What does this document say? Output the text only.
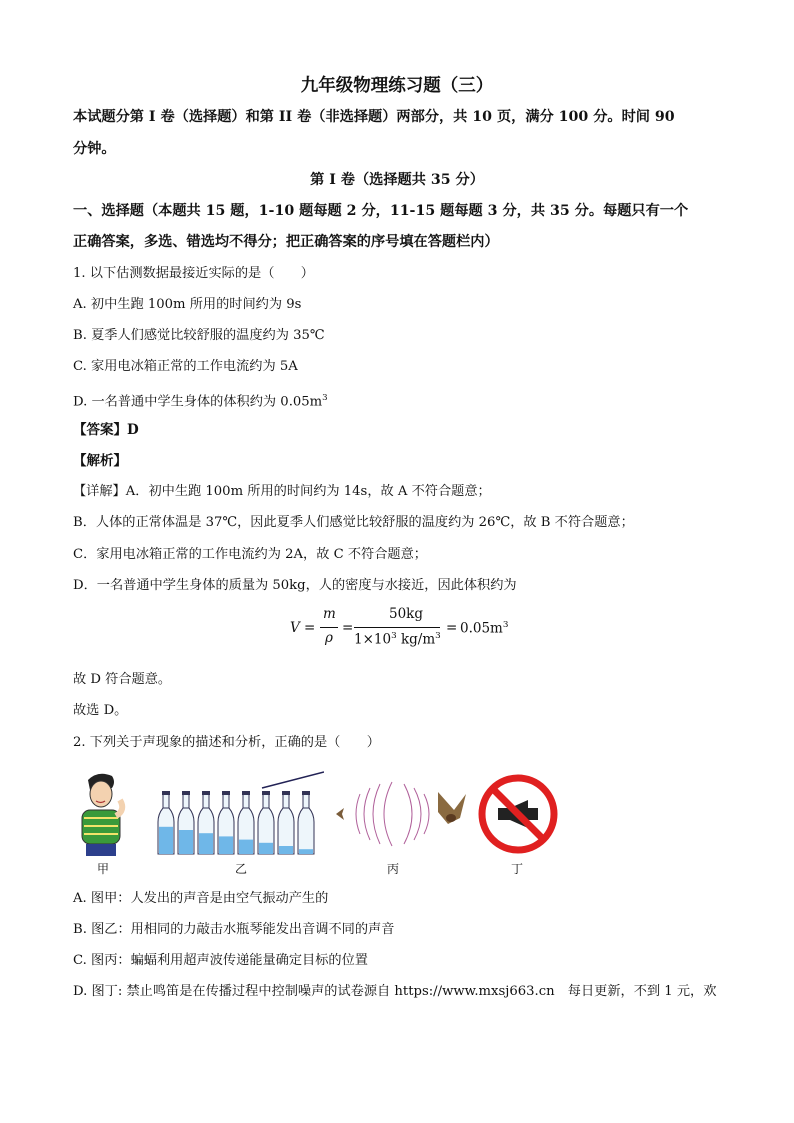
九年级物理练习题（三）
本试题分第 I 卷（选择题）和第 II 卷（非选择题）两部分，共 10 页，满分 100 分。时间 90
分钟。
第 I 卷（选择题共 35 分）
一、选择题（本题共 15 题，1-10 题每题 2 分，11-15 题每题 3 分，共 35 分。每题只有一个
正确答案，多选、错选均不得分；把正确答案的序号填在答题栏内）
1. 以下估测数据最接近实际的是（　　）
A. 初中生跑 100m 所用的时间约为 9s
B. 夏季人们感觉比较舒服的温度约为 35℃
C. 家用电冰箱正常的工作电流约为 5A
D. 一名普通中学生身体的体积约为 $0.05m^3$
【答案】D
【解析】
【详解】A．初中生跑 100m 所用的时间约为 14s，故 A 不符合题意；
B．人体的正常体温是 37℃，因此夏季人们感觉比较舒服的温度约为 26℃，故 B 不符合题意；
C．家用电冰箱正常的工作电流约为 2A，故 C 不符合题意；
D．一名普通中学生身体的质量为 50kg，人的密度与水接近，因此体积约为
V =
m
ρ
=
50kg
$1\times 10^3$ $kg/m^3 = 0.05m^3$
故 D 符合题意。
故选 D。
2. 下列关于声现象的描述和分析，正确的是（　　）
甲	乙	丙	丁
A. 图甲：人发出的声音是由空气振动产生的
B. 图乙：用相同的力敲击水瓶琴能发出音调不同的声音
C. 图丙：蝙蝠利用超声波传递能量确定目标的位置
D. 图丁: 禁止鸣笛是在传播过程中控制噪声的试卷源自 https://www.mxsj663.cn　每日更新，不到 1 元，欢
